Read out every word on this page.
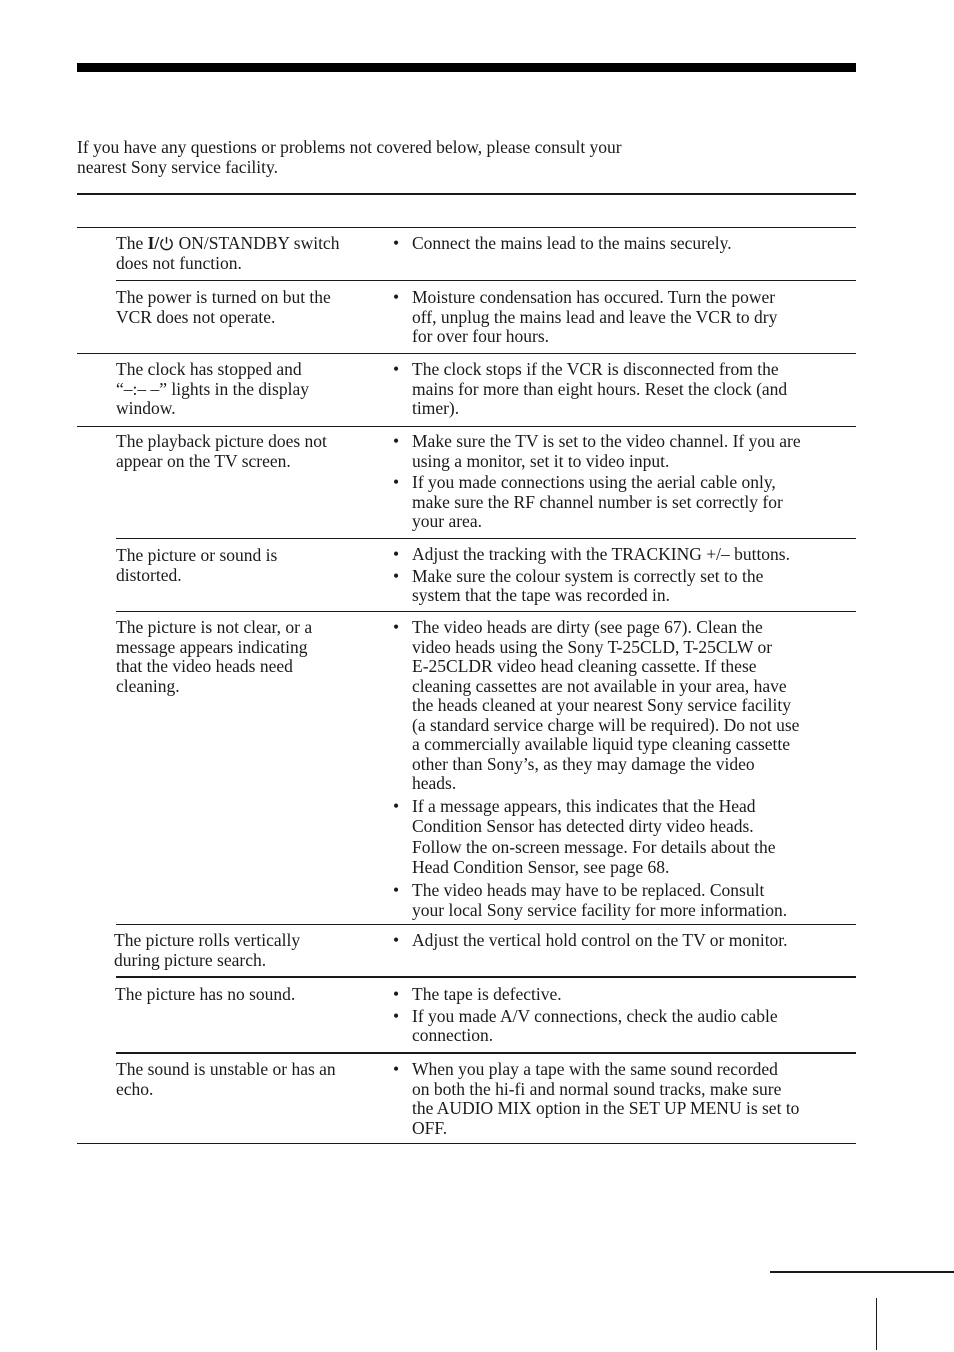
If you have any questions or problems not covered below, please consult your
nearest Sony service facility.
The I/ ON/STANDBY switch
does not function.
• Connect the mains lead to the mains securely.
The power is turned on but the
VCR does not operate.
• Moisture condensation has occured. Turn the power
off, unplug the mains lead and leave the VCR to dry
for over four hours.
The clock has stopped and
“–:– –” lights in the display
window.
• The clock stops if the VCR is disconnected from the
mains for more than eight hours. Reset the clock (and
timer).
The playback picture does not
appear on the TV screen.
• Make sure the TV is set to the video channel. If you are
using a monitor, set it to video input.
• If you made connections using the aerial cable only,
make sure the RF channel number is set correctly for
your area.
The picture or sound is
distorted.
• Adjust the tracking with the TRACKING +/– buttons.
• Make sure the colour system is correctly set to the
system that the tape was recorded in.
The picture is not clear, or a
message appears indicating
that the video heads need
cleaning.
• The video heads are dirty (see page 67). Clean the
video heads using the Sony T-25CLD, T-25CLW or
E-25CLDR video head cleaning cassette. If these
cleaning cassettes are not available in your area, have
the heads cleaned at your nearest Sony service facility
(a standard service charge will be required). Do not use
a commercially available liquid type cleaning cassette
other than Sony’s, as they may damage the video
heads.
• If a message appears, this indicates that the Head
Condition Sensor has detected dirty video heads.
Follow the on-screen message. For details about the
Head Condition Sensor, see page 68.
• The video heads may have to be replaced. Consult
your local Sony service facility for more information.
The picture rolls vertically
during picture search.
• Adjust the vertical hold control on the TV or monitor.
The picture has no sound.
•	The tape is defective.
• If you made A/V connections, check the audio cable
connection.
The sound is unstable or has an
echo.
• When you play a tape with the same sound recorded
on both the hi-fi and normal sound tracks, make sure
the AUDIO MIX option in the SET UP MENU is set to
OFF.
